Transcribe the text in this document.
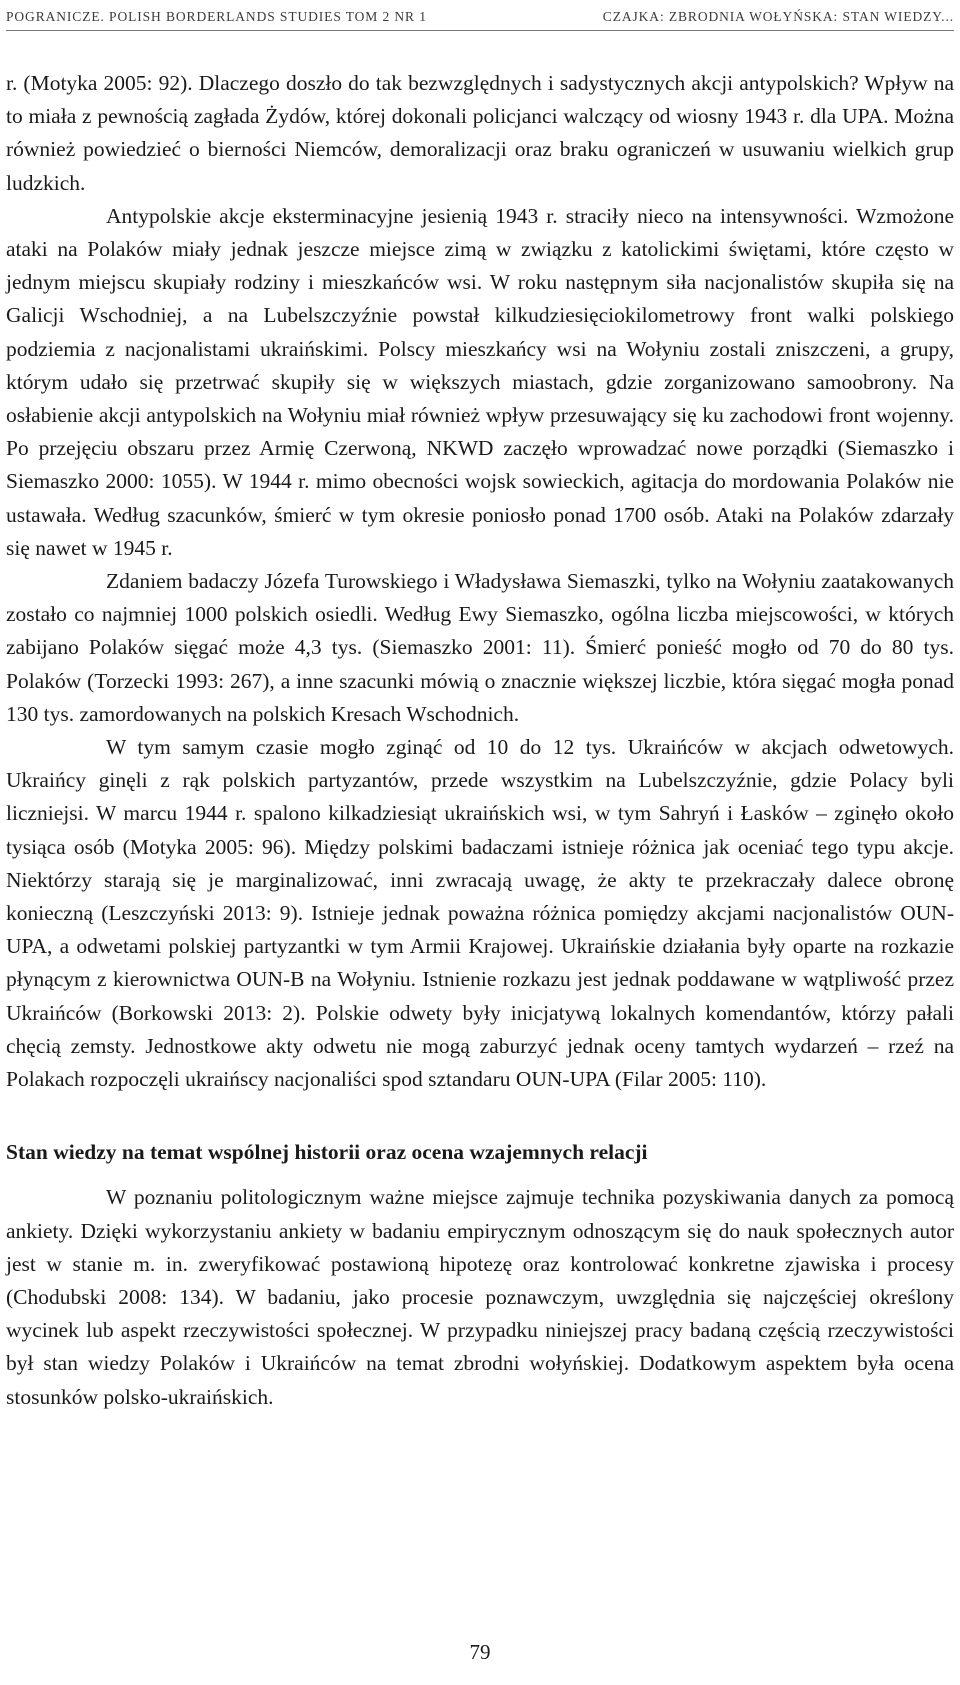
POGRANICZE. POLISH BORDERLANDS STUDIES TOM 2 NR 1	CZAJKA: ZBRODNIA WOŁYŃSKA: STAN WIEDZY...

r. (Motyka 2005: 92). Dlaczego doszło do tak bezwzględnych i sadystycznych akcji antypolskich? Wpływ na to miała z pewnością zagłada Żydów, której dokonali policjanci walczący od wiosny 1943 r. dla UPA. Można również powiedzieć o bierności Niemców, demoralizacji oraz braku ograniczeń w usuwaniu wielkich grup ludzkich.

Antypolskie akcje eksterminacyjne jesienią 1943 r. straciły nieco na intensywności. Wzmożone ataki na Polaków miały jednak jeszcze miejsce zimą w związku z katolickimi świętami, które często w jednym miejscu skupiały rodziny i mieszkańców wsi. W roku następnym siła nacjonalistów skupiła się na Galicji Wschodniej, a na Lubelszczyźnie powstał kilkudziesięciokilometrowy front walki polskiego podziemia z nacjonalistami ukraińskimi. Polscy mieszkańcy wsi na Wołyniu zostali zniszczeni, a grupy, którym udało się przetrwać skupiły się w większych miastach, gdzie zorganizowano samoobrony. Na osłabienie akcji antypolskich na Wołyniu miał również wpływ przesuwający się ku zachodowi front wojenny. Po przejęciu obszaru przez Armię Czerwoną, NKWD zaczęło wprowadzać nowe porządki (Siemaszko i Siemaszko 2000: 1055). W 1944 r. mimo obecności wojsk sowieckich, agitacja do mordowania Polaków nie ustawała. Według szacunków, śmierć w tym okresie poniosło ponad 1700 osób. Ataki na Polaków zdarzały się nawet w 1945 r.

Zdaniem badaczy Józefa Turowskiego i Władysława Siemaszki, tylko na Wołyniu zaatakowanych zostało co najmniej 1000 polskich osiedli. Według Ewy Siemaszko, ogólna liczba miejscowości, w których zabijano Polaków sięgać może 4,3 tys. (Siemaszko 2001: 11). Śmierć ponieść mogło od 70 do 80 tys. Polaków (Torzecki 1993: 267), a inne szacunki mówią o znacznie większej liczbie, która sięgać mogła ponad 130 tys. zamordowanych na polskich Kresach Wschodnich.

W tym samym czasie mogło zginąć od 10 do 12 tys. Ukraińców w akcjach odwetowych. Ukraińcy ginęli z rąk polskich partyzantów, przede wszystkim na Lubelszczyźnie, gdzie Polacy byli liczniejsi. W marcu 1944 r. spalono kilkadziesiąt ukraińskich wsi, w tym Sahryń i Łasków – zginęło około tysiąca osób (Motyka 2005: 96). Między polskimi badaczami istnieje różnica jak oceniać tego typu akcje. Niektórzy starają się je marginalizować, inni zwracają uwagę, że akty te przekraczały dalece obronę konieczną (Leszczyński 2013: 9). Istnieje jednak poważna różnica pomiędzy akcjami nacjonalistów OUN-UPA, a odwetami polskiej partyzantki w tym Armii Krajowej. Ukraińskie działania były oparte na rozkazie płynącym z kierownictwa OUN-B na Wołyniu. Istnienie rozkazu jest jednak poddawane w wątpliwość przez Ukraińców (Borkowski 2013: 2). Polskie odwety były inicjatywą lokalnych komendantów, którzy pałali chęcią zemsty. Jednostkowe akty odwetu nie mogą zaburzyć jednak oceny tamtych wydarzeń – rzeź na Polakach rozpoczęli ukraińscy nacjonaliści spod sztandaru OUN-UPA (Filar 2005: 110).

Stan wiedzy na temat wspólnej historii oraz ocena wzajemnych relacji

W poznaniu politologicznym ważne miejsce zajmuje technika pozyskiwania danych za pomocą ankiety. Dzięki wykorzystaniu ankiety w badaniu empirycznym odnoszącym się do nauk społecznych autor jest w stanie m. in. zweryfikować postawioną hipotezę oraz kontrolować konkretne zjawiska i procesy (Chodubski 2008: 134). W badaniu, jako procesie poznawczym, uwzględnia się najczęściej określony wycinek lub aspekt rzeczywistości społecznej. W przypadku niniejszej pracy badaną częścią rzeczywistości był stan wiedzy Polaków i Ukraińców na temat zbrodni wołyńskiej. Dodatkowym aspektem była ocena stosunków polsko-ukraińskich.

79
